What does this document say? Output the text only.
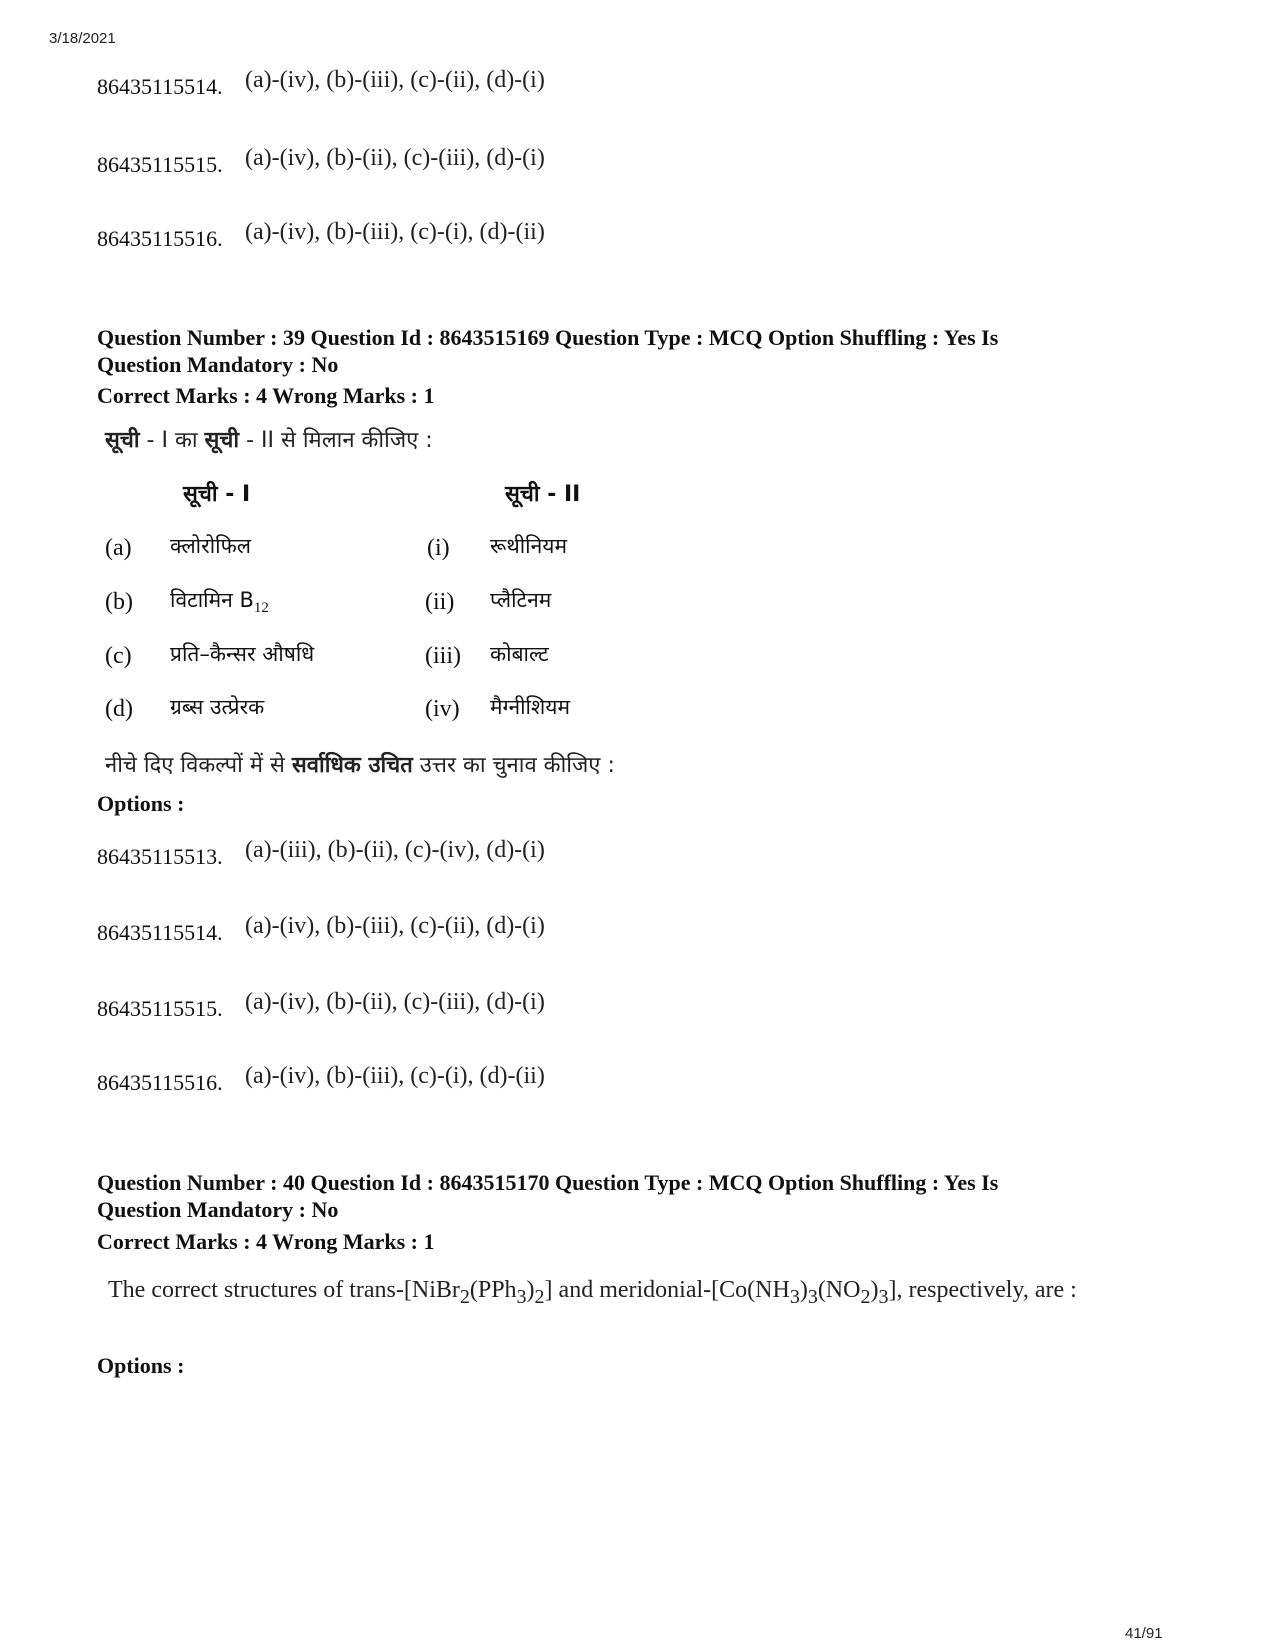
3/18/2021
86435115514. (a)-(iv), (b)-(iii), (c)-(ii), (d)-(i)
86435115515. (a)-(iv), (b)-(ii), (c)-(iii), (d)-(i)
86435115516. (a)-(iv), (b)-(iii), (c)-(i), (d)-(ii)
Question Number : 39 Question Id : 8643515169 Question Type : MCQ Option Shuffling : Yes Is
Question Mandatory : No
Correct Marks : 4 Wrong Marks : 1
सूची - I का सूची - II से मिलान कीजिए :
सूची - I	सूची - II
(a) क्लोरोफिल
(b) विटामिन $B_{12}$
(c) प्रति–कैन्सर औषधि
(d) ग्रब्स उत्प्रेरक
(i) रूथीनियम
(ii) प्लैटिनम
(iii) कोबाल्ट
(iv) मैग्नीशियम
नीचे दिए विकल्पों में से सर्वाधिक उचित उत्तर का चुनाव कीजिए :
Options :
86435115513. (a)-(iii), (b)-(ii), (c)-(iv), (d)-(i)
86435115514. (a)-(iv), (b)-(iii), (c)-(ii), (d)-(i)
86435115515. (a)-(iv), (b)-(ii), (c)-(iii), (d)-(i)
86435115516. (a)-(iv), (b)-(iii), (c)-(i), (d)-(ii)
Question Number : 40 Question Id : 8643515170 Question Type : MCQ Option Shuffling : Yes Is
Question Mandatory : No
Correct Marks : 4 Wrong Marks : 1
The correct structures of trans-$[NiBr_2(PPh_3)_2]$ and meridonial-$[Co(NH_3)_3(NO_2)_3]$, respectively, are :
Options :
41/91
